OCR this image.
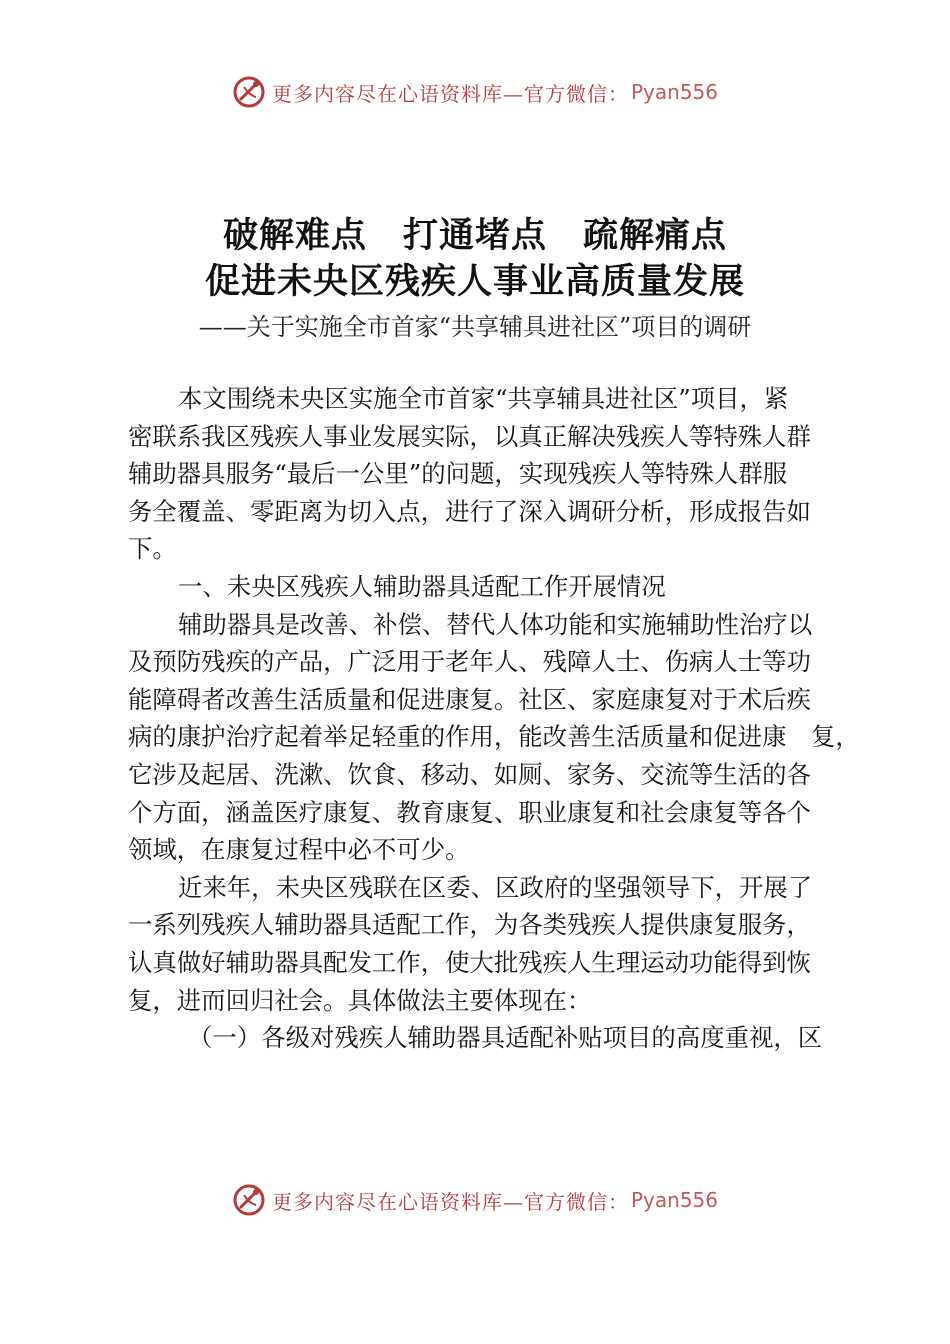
更多内容尽在心语资料库—官方微信： Pyan556
破解难点　打通堵点　疏解痛点
促进未央区残疾人事业高质量发展
——关于实施全市首家“共享辅具进社区”项目的调研
本文围绕未央区实施全市首家“共享辅具进社区”项目，紧
密联系我区残疾人事业发展实际，以真正解决残疾人等特殊人群
辅助器具服务“最后一公里”的问题，实现残疾人等特殊人群服
务全覆盖、零距离为切入点，进行了深入调研分析，形成报告如
下。
一、未央区残疾人辅助器具适配工作开展情况
辅助器具是改善、补偿、替代人体功能和实施辅助性治疗以
及预防残疾的产品，广泛用于老年人、残障人士、伤病人士等功
能障碍者改善生活质量和促进康复。社区、家庭康复对于术后疾
病的康护治疗起着举足轻重的作用，能改善生活质量和促进康　复，
它涉及起居、洗漱、饮食、移动、如厕、家务、交流等生活的各
个方面，涵盖医疗康复、教育康复、职业康复和社会康复等各个
领域，在康复过程中必不可少。
近来年，未央区残联在区委、区政府的坚强领导下，开展了
一系列残疾人辅助器具适配工作，为各类残疾人提供康复服务，
认真做好辅助器具配发工作，使大批残疾人生理运动功能得到恢
复，进而回归社会。具体做法主要体现在：
（一）各级对残疾人辅助器具适配补贴项目的高度重视，区
更多内容尽在心语资料库—官方微信： Pyan556
